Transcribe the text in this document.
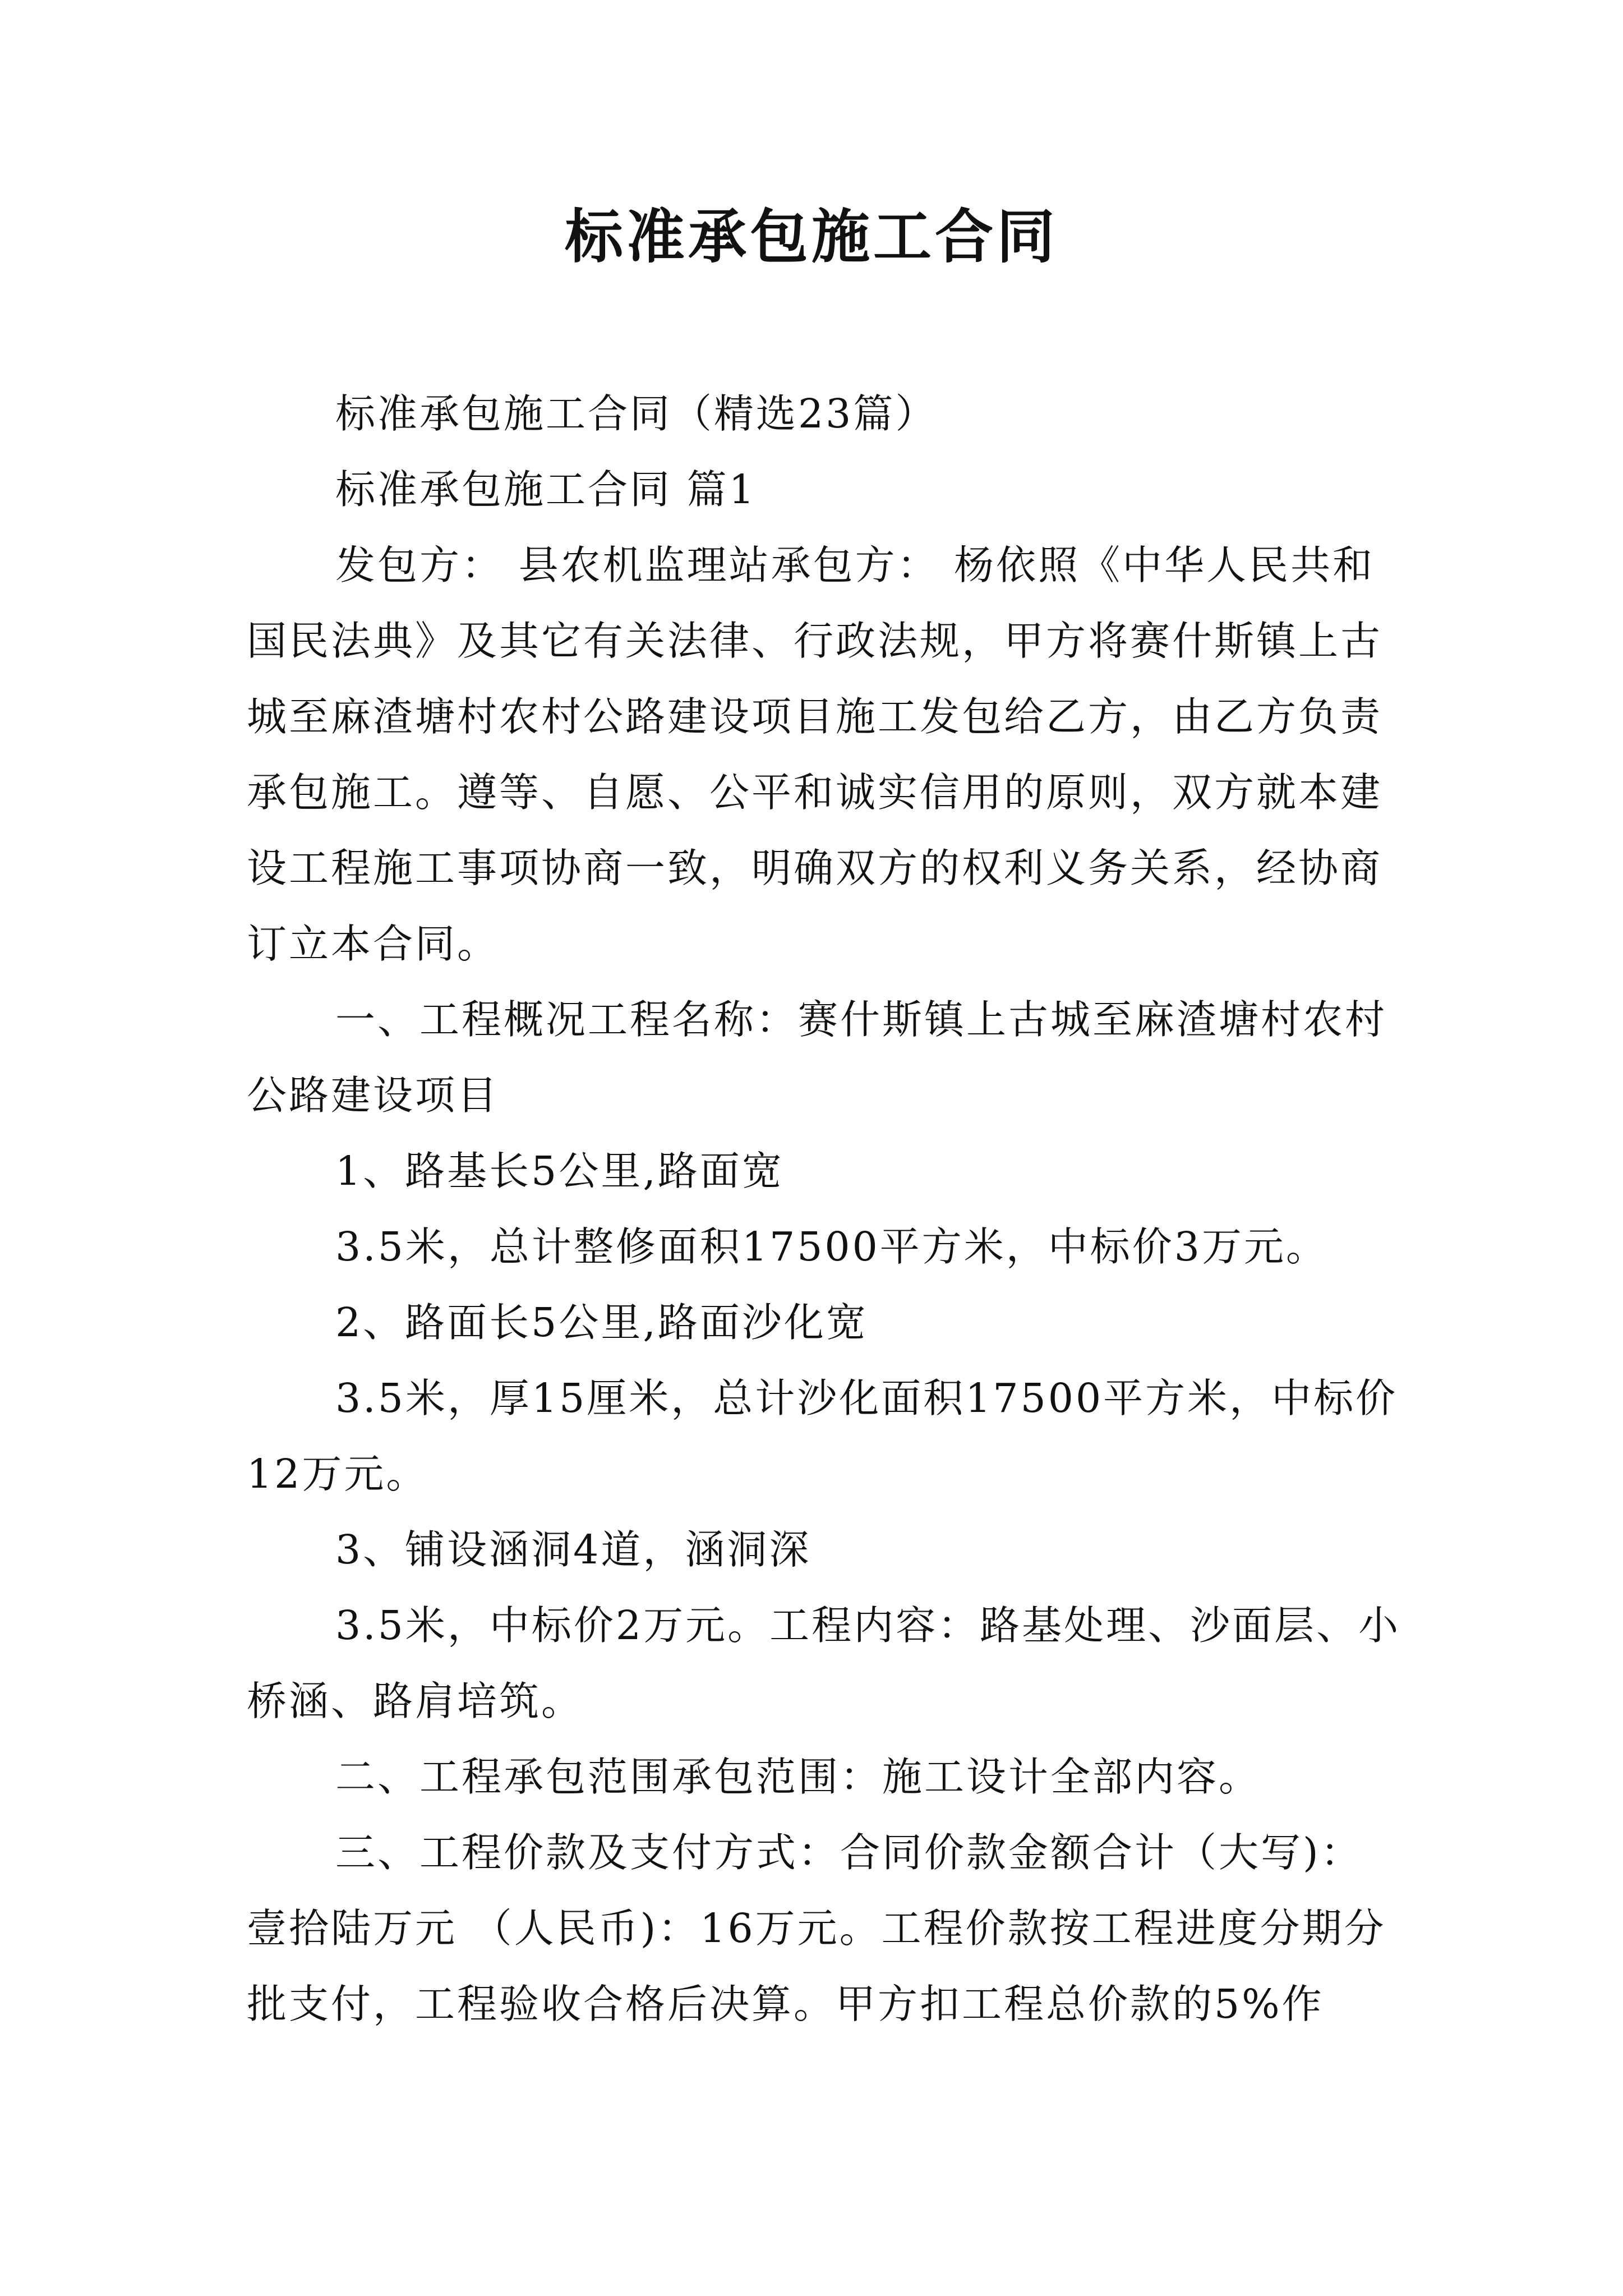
标准承包施工合同

标准承包施工合同（精选23篇）

标准承包施工合同 篇1

发包方： 县农机监理站承包方： 杨依照《中华人民共和国民法典》及其它有关法律、行政法规，甲方将赛什斯镇上古城至麻渣塘村农村公路建设项目施工发包给乙方，由乙方负责承包施工。遵等、自愿、公平和诚实信用的原则，双方就本建设工程施工事项协商一致，明确双方的权利义务关系，经协商订立本合同。

一、工程概况工程名称：赛什斯镇上古城至麻渣塘村农村公路建设项目

1、路基长5公里,路面宽

3.5米，总计整修面积17500平方米，中标价3万元。

2、路面长5公里,路面沙化宽

3.5米，厚15厘米，总计沙化面积17500平方米，中标价12万元。

3、铺设涵洞4道，涵洞深

3.5米，中标价2万元。工程内容：路基处理、沙面层、小桥涵、路肩培筑。

二、工程承包范围承包范围：施工设计全部内容。

三、工程价款及支付方式：合同价款金额合计（大写)：壹拾陆万元 （人民币)：16万元。工程价款按工程进度分期分批支付，工程验收合格后决算。甲方扣工程总价款的5%作
